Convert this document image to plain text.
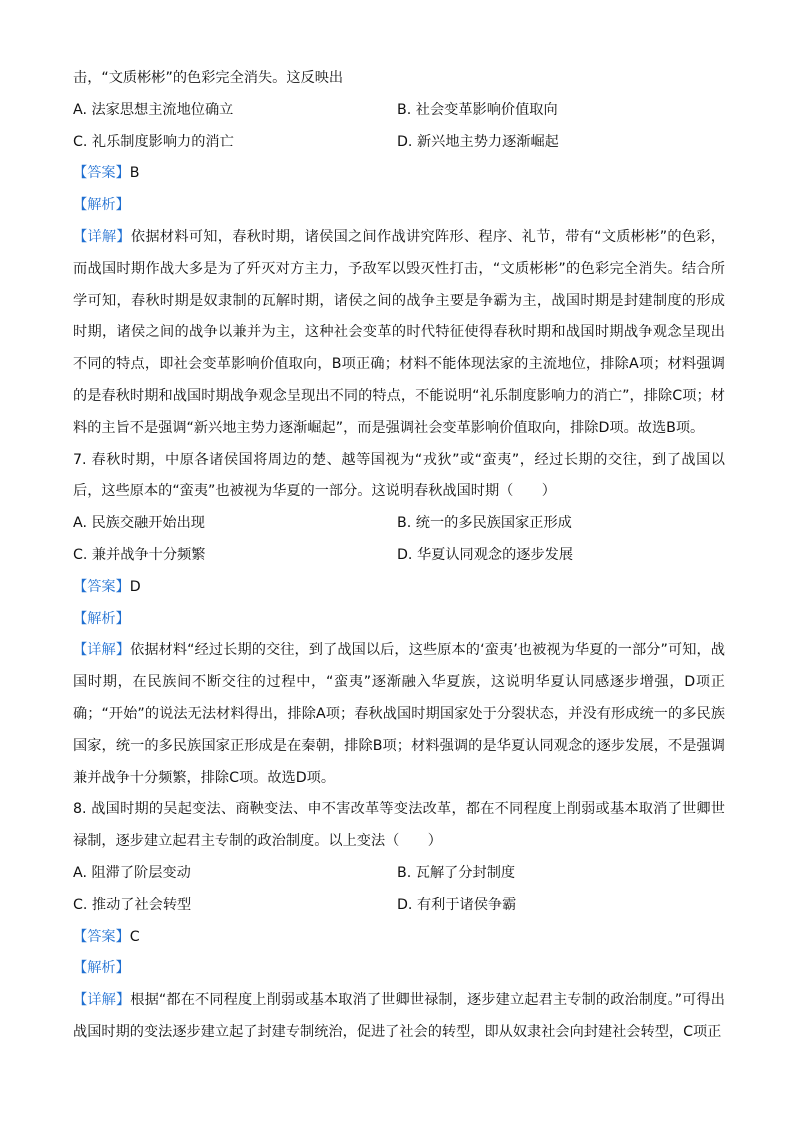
击，“文质彬彬”的色彩完全消失。这反映出
A. 法家思想主流地位确立	B. 社会变革影响价值取向
C. 礼乐制度影响力的消亡	D. 新兴地主势力逐渐崛起
【答案】B
【解析】
【详解】依据材料可知，春秋时期，诸侯国之间作战讲究阵形、程序、礼节，带有“文质彬彬”的色彩，而战国时期作战大多是为了歼灭对方主力，予敌军以毁灭性打击，“文质彬彬”的色彩完全消失。结合所学可知，春秋时期是奴隶制的瓦解时期，诸侯之间的战争主要是争霸为主，战国时期是封建制度的形成时期，诸侯之间的战争以兼并为主，这种社会变革的时代特征使得春秋时期和战国时期战争观念呈现出不同的特点，即社会变革影响价值取向，B项正确；材料不能体现法家的主流地位，排除A项；材料强调的是春秋时期和战国时期战争观念呈现出不同的特点，不能说明“礼乐制度影响力的消亡”，排除C项；材料的主旨不是强调“新兴地主势力逐渐崛起”，而是强调社会变革影响价值取向，排除D项。故选B项。
7. 春秋时期，中原各诸侯国将周边的楚、越等国视为“戎狄”或“蛮夷”，经过长期的交往，到了战国以后，这些原本的“蛮夷”也被视为华夏的一部分。这说明春秋战国时期（　　）
A. 民族交融开始出现	B. 统一的多民族国家正形成
C. 兼并战争十分频繁	D. 华夏认同观念的逐步发展
【答案】D
【解析】
【详解】依据材料“经过长期的交往，到了战国以后，这些原本的‘蛮夷’也被视为华夏的一部分”可知，战国时期，在民族间不断交往的过程中，“蛮夷”逐渐融入华夏族，这说明华夏认同感逐步增强，D项正确；“开始”的说法无法材料得出，排除A项；春秋战国时期国家处于分裂状态，并没有形成统一的多民族国家，统一的多民族国家正形成是在秦朝，排除B项；材料强调的是华夏认同观念的逐步发展，不是强调兼并战争十分频繁，排除C项。故选D项。
8. 战国时期的吴起变法、商鞅变法、申不害改革等变法改革，都在不同程度上削弱或基本取消了世卿世禄制，逐步建立起君主专制的政治制度。以上变法（　　）
A. 阻滞了阶层变动	B. 瓦解了分封制度
C. 推动了社会转型	D. 有利于诸侯争霸
【答案】C
【解析】
【详解】根据“都在不同程度上削弱或基本取消了世卿世禄制，逐步建立起君主专制的政治制度。”可得出战国时期的变法逐步建立起了封建专制统治，促进了社会的转型，即从奴隶社会向封建社会转型，C项正
